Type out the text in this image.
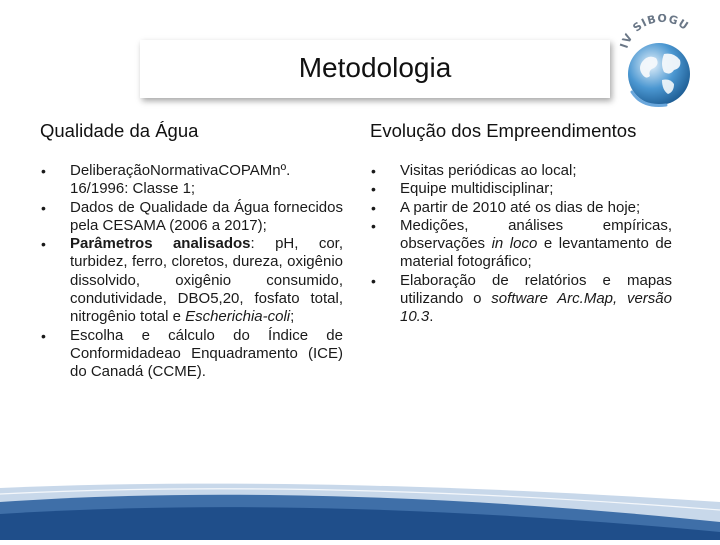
Metodologia
IV SIBOGU
Qualidade da Água
• DeliberaçãoNormativaCOPAMnº. 16/1996: Classe 1;
• Dados de Qualidade da Água fornecidos pela CESAMA (2006 a 2017);
• Parâmetros analisados: pH, cor, turbidez, ferro, cloretos, dureza, oxigênio dissolvido, oxigênio consumido, condutividade, DBO5,20, fosfato total, nitrogênio total e Escherichia-coli;
• Escolha e cálculo do Índice de Conformidadeao Enquadramento (ICE) do Canadá (CCME).
Evolução dos Empreendimentos
• Visitas periódicas ao local;
• Equipe multidisciplinar;
• A partir de 2010 até os dias de hoje;
• Medições, análises empíricas, observações in loco e levantamento de material fotográfico;
• Elaboração de relatórios e mapas utilizando o software Arc.Map, versão 10.3.
